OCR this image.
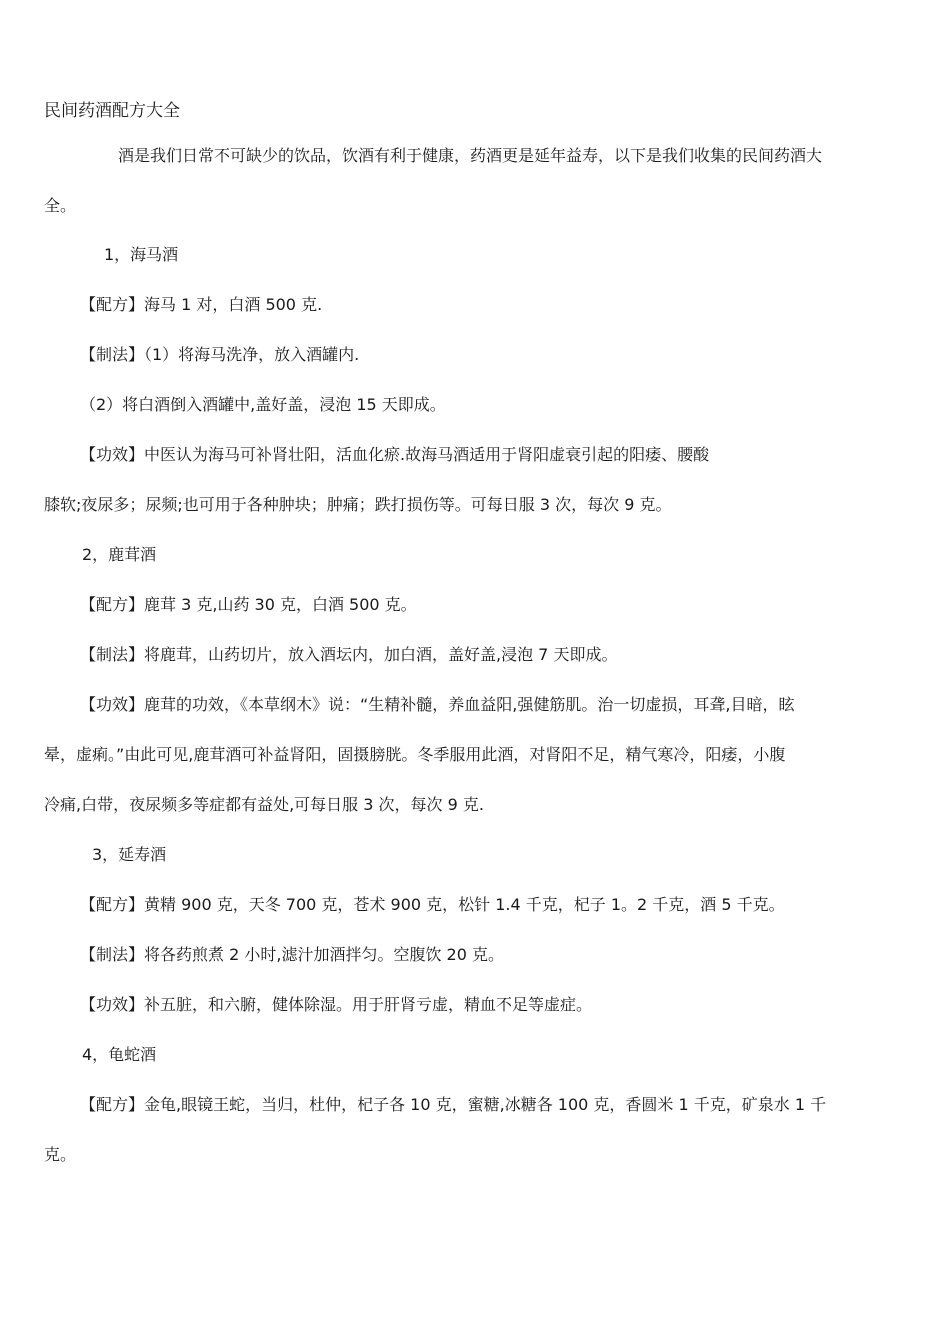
民间药酒配方大全
酒是我们日常不可缺少的饮品，饮酒有利于健康，药酒更是延年益寿，以下是我们收集的民间药酒大
全。
1，海马酒
【配方】海马 1 对，白酒 500 克.
【制法】（1）将海马洗净，放入酒罐内.
（2）将白酒倒入酒罐中,盖好盖，浸泡 15 天即成。
【功效】中医认为海马可补肾壮阳，活血化瘀.故海马酒适用于肾阳虚衰引起的阳痿、腰酸
膝软;夜尿多；尿频;也可用于各种肿块；肿痛；跌打损伤等。可每日服 3 次，每次 9 克。
2，鹿茸酒
【配方】鹿茸 3 克,山药 30 克，白酒 500 克。
【制法】将鹿茸，山药切片，放入酒坛内，加白酒，盖好盖,浸泡 7 天即成。
【功效】鹿茸的功效，《本草纲木》说：“生精补髓，养血益阳,强健筋肌。治一切虚损，耳聋,目暗，眩
晕，虚痢。”由此可见,鹿茸酒可补益肾阳，固摄膀胱。冬季服用此酒，对肾阳不足，精气寒冷，阳痿，小腹
冷痛,白带，夜尿频多等症都有益处,可每日服 3 次，每次 9 克.
3，延寿酒
【配方】黄精 900 克，天冬 700 克，苍术 900 克，松针 1.4 千克，杞子 1。2 千克，酒 5 千克。
【制法】将各药煎煮 2 小时,滤汁加酒拌匀。空腹饮 20 克。
【功效】补五脏，和六腑，健体除湿。用于肝肾亏虚，精血不足等虚症。
4，龟蛇酒
【配方】金龟,眼镜王蛇，当归，杜仲，杞子各 10 克，蜜糖,冰糖各 100 克，香圆米 1 千克，矿泉水 1 千
克。
